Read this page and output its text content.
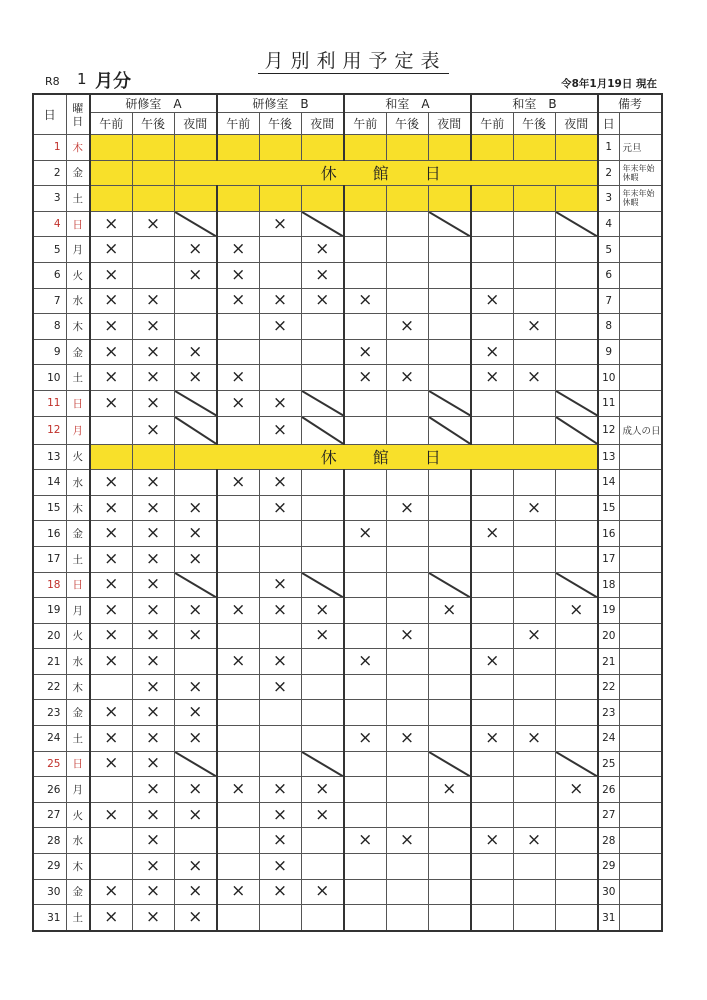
月別利用予定表
R8 1 月分	令8年1月19日 現在
日	曜日	研修室　A			研修室　B			和室　A			和室　B			備考	
		午前	午後	夜間	午前	午後	夜間	午前	午後	夜間	午前	午後	夜間	日	
1	木													1	元旦
2	金			休　館　日										2	年末年始休暇
3	土													3	年末年始休暇
4	日	×	×			×								4	
5	月	×		×	×		×							5	
6	火	×		×	×		×							6	
7	水	×	×		×	×	×	×			×			7	
8	木	×	×			×			×			×		8	
9	金	×	×	×				×			×			9	
10	土	×	×	×	×			×	×		×	×		10	
11	日	×	×		×	×								11	
12	月		×			×								12	成人の日
13	火			休　館　日										13	
14	水	×	×		×	×								14	
15	木	×	×	×		×			×			×		15	
16	金	×	×	×				×			×			16	
17	土	×	×	×										17	
18	日	×	×			×								18	
19	月	×	×	×	×	×	×			×			×	19	
20	火	×	×	×			×		×			×		20	
21	水	×	×		×	×		×			×			21	
22	木		×	×		×								22	
23	金	×	×	×										23	
24	土	×	×	×				×	×		×	×		24	
25	日	×	×											25	
26	月		×	×	×	×	×			×			×	26	
27	火	×	×	×		×	×							27	
28	水		×			×		×	×		×	×		28	
29	木		×	×		×								29	
30	金	×	×	×	×	×	×							30	
31	土	×	×	×										31	
